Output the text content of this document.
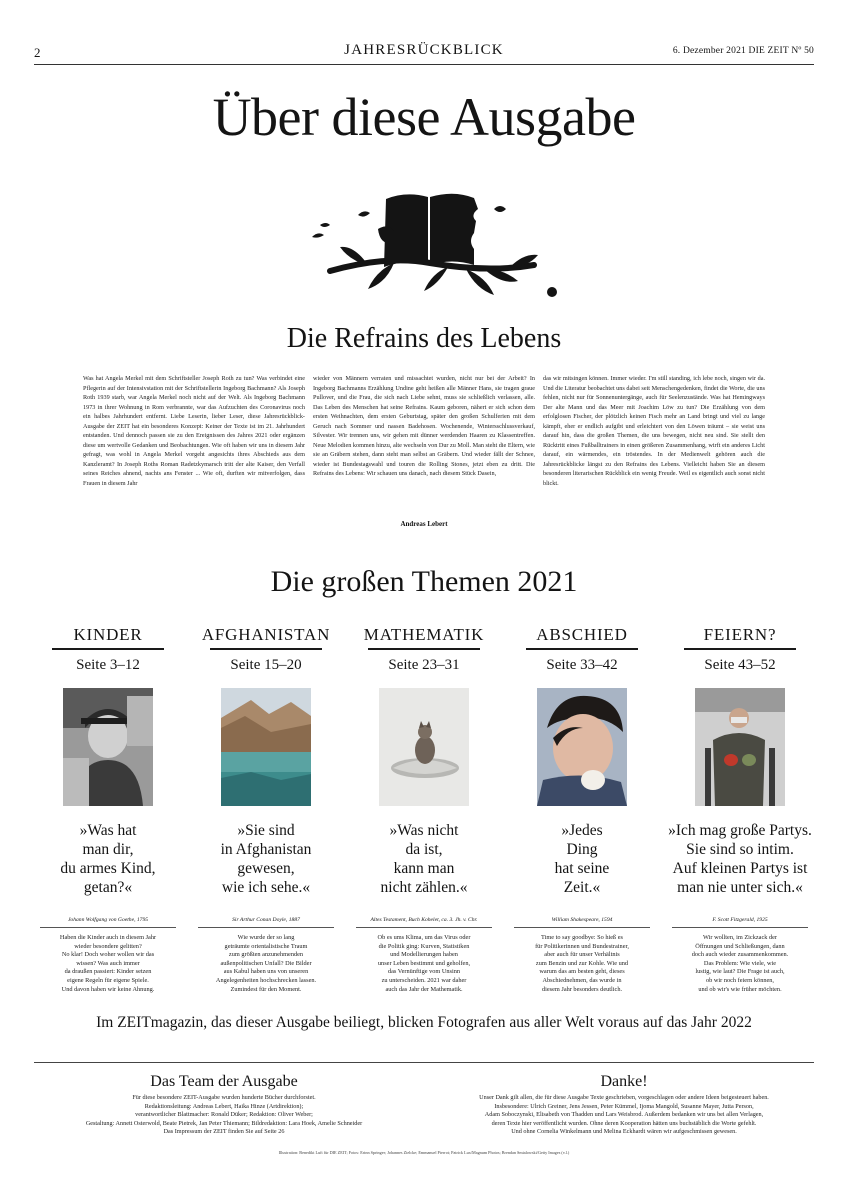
2	JAHRESRÜCKBLICK	6. Dezember 2021 DIE ZEIT Nº 50
Über diese Ausgabe
Die Refrains des Lebens

Was hat Angela Merkel mit dem Schriftsteller Joseph Roth zu tun? Was verbindet eine Pflegerin auf der Intensivstation mit der Schriftstellerin Ingeborg Bachmann? Als Joseph Roth 1939 starb, war Angela Merkel noch nicht auf der Welt. Als Ingeborg Bachmann 1973 in ihrer Wohnung in Rom verbrannte, war das Aufzuchten des Coronavirus noch ein halbes Jahrhundert entfernt. Liebe Leserin, lieber Leser, diese Jahresrückblick-Ausgabe der ZEIT hat ein besonderes Konzept: Keiner der Texte ist im 21. Jahrhundert entstanden. Und dennoch passen sie zu den Ereignissen des Jahres 2021 oder ergänzen diese um wertvolle Gedanken und Beobachtungen. Wie oft haben wir uns in diesem Jahr gefragt, was wohl in Angela Merkel vorgeht angesichts ihres Abschieds aus dem Kanzleramt? In Joseph Roths Roman Radetzkymarsch tritt der alte Kaiser, den Verfall seines Reiches ahnend, nachts ans Fenster ... Wie oft, durften wir mitverfolgen, dass Frauen in diesem Jahr

wieder von Männern verraten und missachtet wurden, nicht nur bei der Arbeit? In Ingeborg Bachmanns Erzählung Undine geht heißen alle Männer Hans, sie tragen graue Pullover, und die Frau, die sich nach Liebe sehnt, muss sie schließlich verlassen, alle. Das Leben des Menschen hat seine Refrains. Kaum geboren, nähert er sich schon dem ersten Weihnachten, dem ersten Geburtstag, später den großen Schulferien mit dem Geruch nach Sommer und nassen Badehosen. Wochenende, Wintersschlussverkauf, Silvester. Wir trennen uns, wir gehen mit dünner werdenden Haaren zu Klassentreffen. Neue Melodien kommen hinzu, alte wechseln von Dur zu Moll. Man steht die Eltern, wie sie an Gräbern stehen, dann steht man selbst an Gräbern. Und wieder fällt der Schnee, wieder ist Bundestagswahl und touren die Rolling Stones, jetzt eben zu dritt. Die Refrains des Lebens: Wir schauen uns danach, nach diesem Stück Dasein,

das wir mitsingen können. Immer wieder. I'm still standing, ich lebe noch, singen wir da. Und die Literatur beobachtet uns dabei seit Menschengedenken, findet die Worte, die uns fehlen, nicht nur für Sonnenuntergänge, auch für Seelenzustände. Was hat Hemingways Der alte Mann und das Meer mit Joachim Löw zu tun? Die Erzählung von dem erfolglosen Fischer, der plötzlich keinen Fisch mehr an Land bringt und viel zu lange kämpft, eher er endlich aufgibt und erleichtert von den Löwen träumt – sie weist uns darauf hin, dass die großen Themen, die uns bewegen, nicht neu sind. Sie stellt den Rücktritt eines Fußballtrainers in einen größeren Zusammenhang, wirft ein anderes Licht darauf, ein wärmendes, ein tröstendes. In der Medienwelt gehören auch die Jahresrückblicke längst zu den Refrains des Lebens. Vielleicht haben Sie an diesem besonderen literarischen Rückblick ein wenig Freude. Weil es eigentlich auch sonst nicht blickt.

Andreas Lebert
Die großen Themen 2021
KINDER
Seite 3–12
»Was hat
man dir,
du armes Kind,
getan?«
Johann Wolfgang von Goethe, 1795
Haben die Kinder auch in diesem Jahr
wieder besondere gelitten?
No klar! Doch woher wollen wir das
wissen? Was auch immer
da draußen passiert: Kinder setzen
eigene Regeln für eigene Spiele.
Und davon haben wir keine Ahnung.
AFGHANISTAN
Seite 15–20
»Sie sind
in Afghanistan
gewesen,
wie ich sehe.«
Sir Arthur Conan Doyle, 1887
Wie wurde der so lang
geträumte orientalistische Traum
zum größten anzunehmenden
außenpolitischen Unfall? Die Bilder
aus Kabul haben uns von unseren
Angelegenheiten hochschrecken lassen.
Zumindest für den Moment.
MATHEMATIK
Seite 23–31
»Was nicht
da ist,
kann man
nicht zählen.«
Altes Testament, Buch Kohelet, ca. 3. Jh. v. Chr.
Ob es ums Klima, um das Virus oder
die Politik ging: Kurven, Statistiken
und Modellierungen haben
unser Leben bestimmt und geholfen,
das Vernünftige vom Unsinn
zu unterscheiden. 2021 war daher
auch das Jahr der Mathematik.
ABSCHIED
Seite 33–42
»Jedes
Ding
hat seine
Zeit.«
William Shakespeare, 1594
Time to say goodbye: So hieß es
für Politikerinnen und Bundestrainer,
aber auch für unser Verhältnis
zum Benzin und zur Kohle. Wie und
warum das am besten geht, dieses
Abschiednehmen, das wurde in
diesem Jahr besonders deutlich.
FEIERN?
Seite 43–52
»Ich mag große Partys.
Sie sind so intim.
Auf kleinen Partys ist
man nie unter sich.«
F. Scott Fitzgerald, 1925
Wir wollten, im Zickzack der
Öffnungen und Schließungen, dann
doch auch wieder zusammenkommen.
Das Problem: Wie viele, wie
lustig, wie laut? Die Frage ist auch,
ob wir noch feiern können,
und ob wir's wie früher möchten.
Im ZEITmagazin, das dieser Ausgabe beiliegt, blicken Fotografen aus aller Welt voraus auf das Jahr 2022
Das Team der Ausgabe
Für diese besondere ZEIT-Ausgabe wurden hunderte Bücher durchforstet.
Redaktionsleitung: Andreas Lebert, Haika Hinze (Artdirektion);
verantwortlicher Blattmacher: Ronald Düker; Redaktion: Oliver Weber;
Gestaltung: Annett Osterwold, Beate Pietrek, Jan Peter Thiemann; Bildredaktion: Lara Hoek, Amelie Schneider
Das Impressum der ZEIT finden Sie auf Seite 26
Danke!
Unser Dank gilt allen, die für diese Ausgabe Texte geschrieben, vorgeschlagen oder andere Ideen beigesteuert haben.
Insbesondere: Ulrich Greiner, Jens Jessen, Peter Kümmel, Ijoma Mangold, Susanne Mayer, Jutta Person,
Adam Soboczynski, Elisabeth von Thadden und Lars Weisbrod. Außerdem bedanken wir uns bei allen Verlagen,
deren Texte hier veröffentlicht wurden. Ohne deren Kooperation hätten uns buchstäblich die Worte gefehlt.
Und ohne Cornelia Winkelmann und Melina Eckhardt wären wir aufgeschmissen gewesen.
Illustration: Benedikt Luft für DIE ZEIT; Fotos: Erinn Springer; Johannes Zielcke; Emmanuel Pierrot; Patrick Lux/Magnum Photos; Brendan Smialowski/Getty Images (v.l.)
